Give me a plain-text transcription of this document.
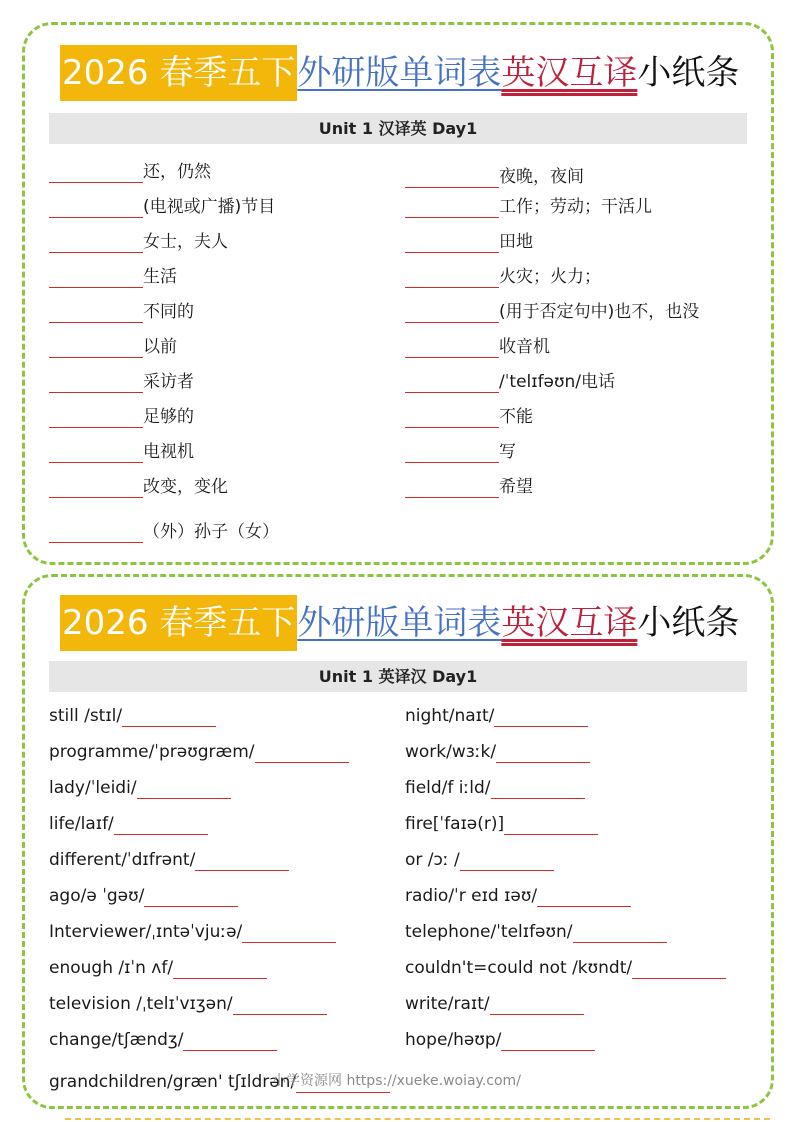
2026 春季五下 外研版单词表 英汉互译 小纸条
Unit 1 汉译英 Day1
还，仍然
(电视或广播)节目
女士，夫人
生活
不同的
以前
采访者
足够的
电视机
改变，变化
（外）孙子（女）
夜晚，夜间
工作；劳动；干活儿
田地
火灾；火力；
(用于否定句中)也不，也没
收音机
/ˈtelɪfəʊn/电话
不能
写
希望
2026 春季五下 外研版单词表 英汉互译 小纸条
Unit 1 英译汉 Day1
still /stɪl/
programme/ˈprəʊgræm/
lady/ˈleidi/
life/laɪf/
different/ˈdɪfrənt/
ago/ə ˈgəʊ/
Interviewer/ˌɪntəˈvjuːə/
enough /ɪˈn ʌf/
television /ˌtelɪˈvɪʒən/
change/tʃændʒ/
grandchildren/græn' tʃɪldrən/
night/naɪt/
work/wɜːk/
field/f iːld/
fire[ˈfaɪə(r)]
or /ɔː /
radio/ˈr eɪd ɪəʊ/
telephone/ˈtelɪfəʊn/
couldn't=could not /kʊndt/
write/raɪt/
hope/həʊp/
小学资源网 https://xueke.woiay.com/
